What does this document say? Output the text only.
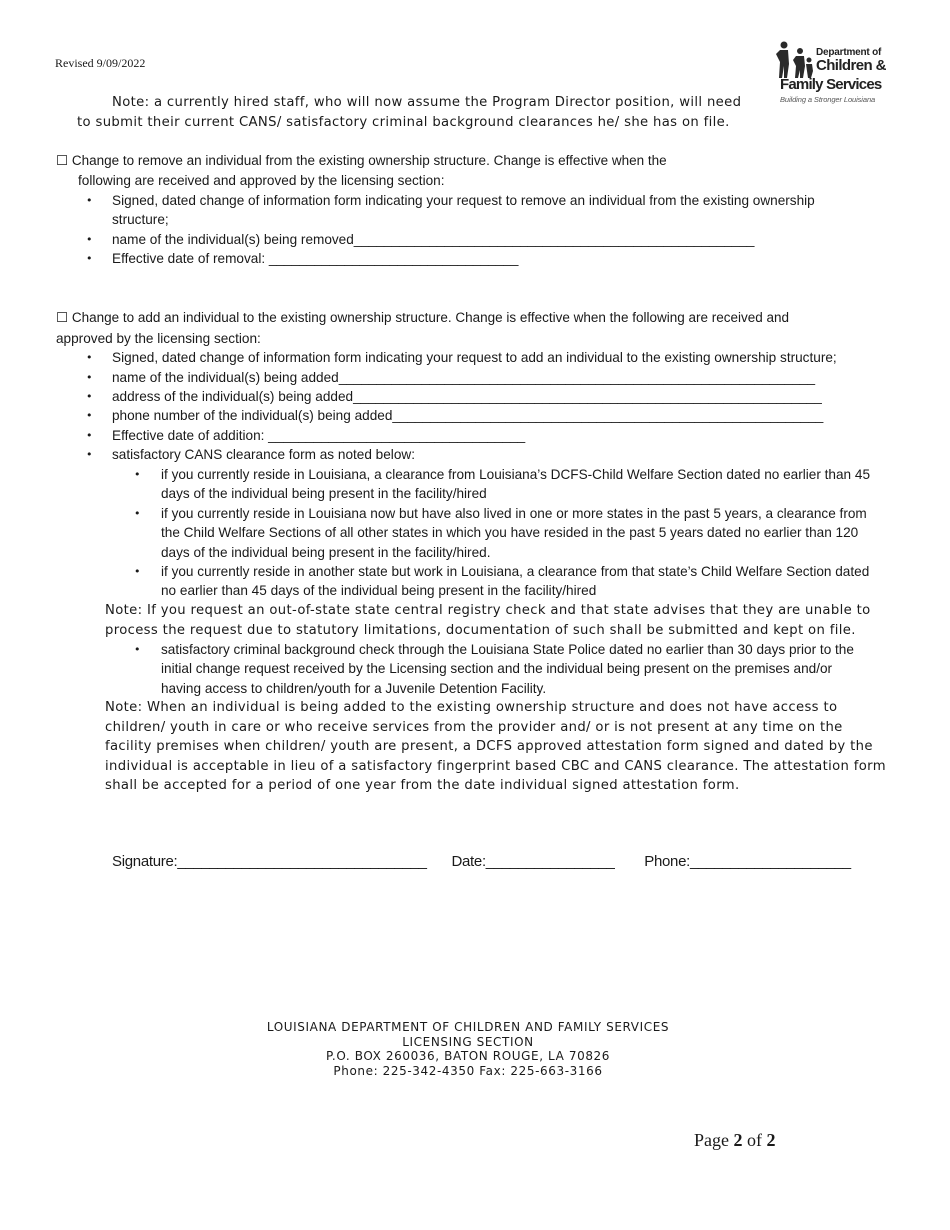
Revised 9/09/2022
Department of
Children &
Family Services
Building a Stronger Louisiana
Note: a currently hired staff, who will now assume the Program Director position, will need
to submit their current CANS/ satisfactory criminal background clearances he/ she has on file.
☐ Change to remove an individual from the existing ownership structure. Change is effective when the
following are received and approved by the licensing section:
• Signed, dated change of information form indicating your request to remove an individual from the existing ownership
structure;
• name of the individual(s) being removed_____________________________________________________
• Effective date of removal: _________________________________
☐ Change to add an individual to the existing ownership structure. Change is effective when the following are received and
approved by the licensing section:
• Signed, dated change of information form indicating your request to add an individual to the existing ownership structure;
• name of the individual(s) being added_______________________________________________________________
• address of the individual(s) being added______________________________________________________________
• phone number of the individual(s) being added_________________________________________________________
• Effective date of addition: __________________________________
• satisfactory CANS clearance form as noted below:
• if you currently reside in Louisiana, a clearance from Louisiana’s DCFS-Child Welfare Section dated no earlier than 45
days of the individual being present in the facility/hired
• if you currently reside in Louisiana now but have also lived in one or more states in the past 5 years, a clearance from
the Child Welfare Sections of all other states in which you have resided in the past 5 years dated no earlier than 120
days of the individual being present in the facility/hired.
• if you currently reside in another state but work in Louisiana, a clearance from that state’s Child Welfare Section dated
no earlier than 45 days of the individual being present in the facility/hired
Note: If you request an out-of-state state central registry check and that state advises that they are unable to
process the request due to statutory limitations, documentation of such shall be submitted and kept on file.
• satisfactory criminal background check through the Louisiana State Police dated no earlier than 30 days prior to the
initial change request received by the Licensing section and the individual being present on the premises and/or
having access to children/youth for a Juvenile Detention Facility.
Note: When an individual is being added to the existing ownership structure and does not have access to
children/ youth in care or who receive services from the provider and/ or is not present at any time on the
facility premises when children/ youth are present, a DCFS approved attestation form signed and dated by the
individual is acceptable in lieu of a satisfactory fingerprint based CBC and CANS clearance. The attestation form
shall be accepted for a period of one year from the date individual signed attestation form.
Signature:_______________________________ Date:________________ Phone:____________________
LOUISIANA DEPARTMENT OF CHILDREN AND FAMILY SERVICES
LICENSING SECTION
P.O. BOX 260036, BATON ROUGE, LA 70826
Phone: 225-342-4350 Fax: 225-663-3166
Page 2 of 2
